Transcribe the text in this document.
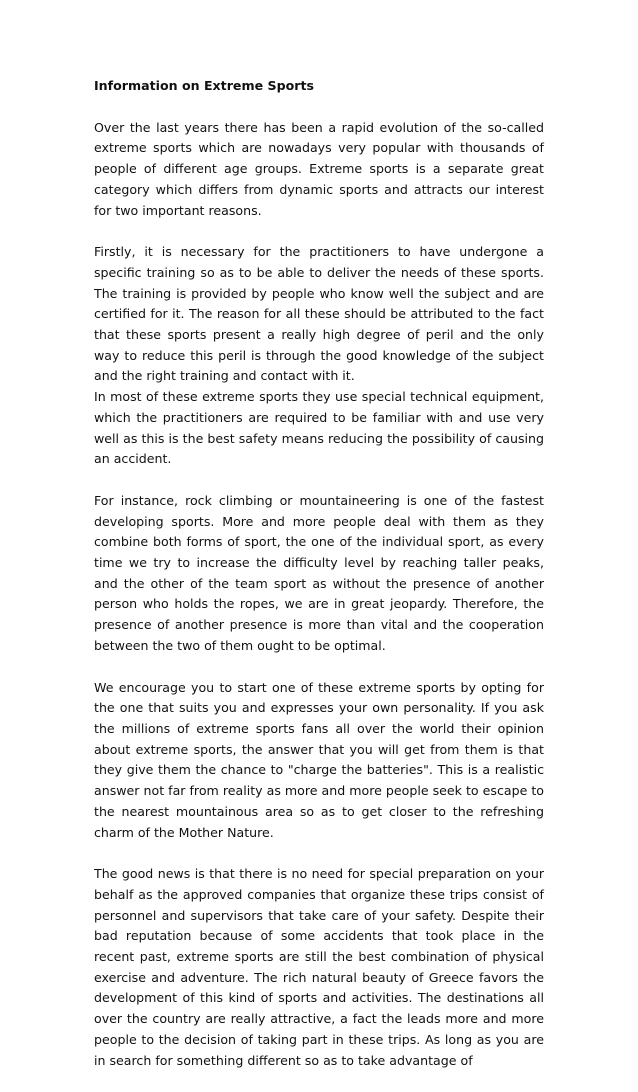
Information on Extreme Sports

Over the last years there has been a rapid evolution of the so-called extreme sports which are nowadays very popular with thousands of people of different age groups. Extreme sports is a separate great category which differs from dynamic sports and attracts our interest for two important reasons.

Firstly, it is necessary for the practitioners to have undergone a specific training so as to be able to deliver the needs of these sports. The training is provided by people who know well the subject and are certified for it. The reason for all these should be attributed to the fact that these sports present a really high degree of peril and the only way to reduce this peril is through the good knowledge of the subject and the right training and contact with it.

In most of these extreme sports they use special technical equipment, which the practitioners are required to be familiar with and use very well as this is the best safety means reducing the possibility of causing an accident.

For instance, rock climbing or mountaineering is one of the fastest developing sports. More and more people deal with them as they combine both forms of sport, the one of the individual sport, as every time we try to increase the difficulty level by reaching taller peaks, and the other of the team sport as without the presence of another person who holds the ropes, we are in great jeopardy. Therefore, the presence of another presence is more than vital and the cooperation between the two of them ought to be optimal.

We encourage you to start one of these extreme sports by opting for the one that suits you and expresses your own personality. If you ask the millions of extreme sports fans all over the world their opinion about extreme sports, the answer that you will get from them is that they give them the chance to "charge the batteries". This is a realistic answer not far from reality as more and more people seek to escape to the nearest mountainous area so as to get closer to the refreshing charm of the Mother Nature.

The good news is that there is no need for special preparation on your behalf as the approved companies that organize these trips consist of personnel and supervisors that take care of your safety. Despite their bad reputation because of some accidents that took place in the recent past, extreme sports are still the best combination of physical exercise and adventure. The rich natural beauty of Greece favors the development of this kind of sports and activities. The destinations all over the country are really attractive, a fact the leads more and more people to the decision of taking part in these trips. As long as you are in search for something different so as to take advantage of
